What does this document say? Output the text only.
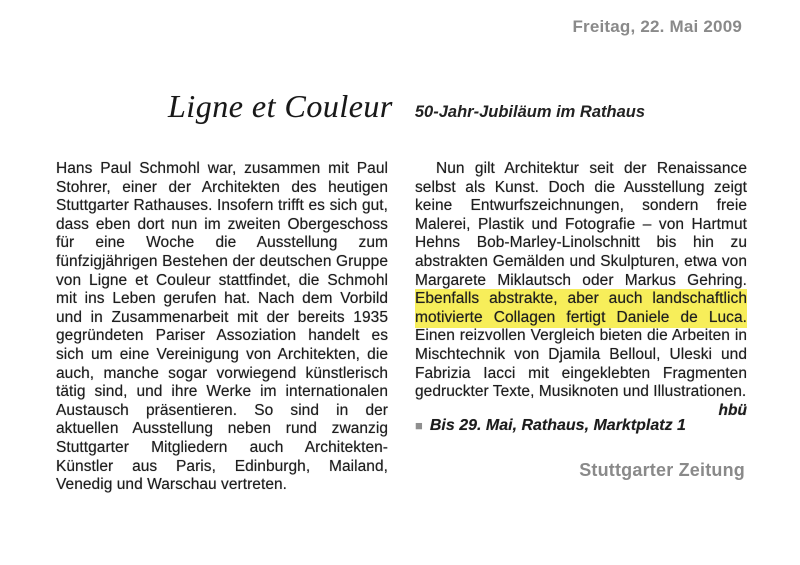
Freitag, 22. Mai 2009
Ligne et Couleur 50-Jahr-Jubiläum im Rathaus

Hans Paul Schmohl war, zusammen mit Paul Stohrer, einer der Architekten des heutigen Stuttgarter Rathauses. Insofern trifft es sich gut, dass eben dort nun im zweiten Obergeschoss für eine Woche die Ausstellung zum fünfzigjährigen Bestehen der deutschen Gruppe von Ligne et Couleur stattfindet, die Schmohl mit ins Leben gerufen hat. Nach dem Vorbild und in Zusammenarbeit mit der bereits 1935 gegründeten Pariser Assoziation handelt es sich um eine Vereinigung von Architekten, die auch, manche sogar vorwiegend künstlerisch tätig sind, und ihre Werke im internationalen Austausch präsentieren. So sind in der aktuellen Ausstellung neben rund zwanzig Stuttgarter Mitgliedern auch Architekten-Künstler aus Paris, Edinburgh, Mailand, Venedig und Warschau vertreten.

Nun gilt Architektur seit der Renaissance selbst als Kunst. Doch die Ausstellung zeigt keine Entwurfszeichnungen, sondern freie Malerei, Plastik und Fotografie – von Hartmut Hehns Bob-Marley-Linolschnitt bis hin zu abstrakten Gemälden und Skulpturen, etwa von Margarete Miklautsch oder Markus Gehring. Ebenfalls abstrakte, aber auch landschaftlich motivierte Collagen fertigt Daniele de Luca. Einen reizvollen Vergleich bieten die Arbeiten in Mischtechnik von Djamila Belloul, Uleski und Fabrizia Iacci mit eingeklebten Fragmenten gedruckter Texte, Musiknoten und Illustrationen.
hbü

■ Bis 29. Mai, Rathaus, Marktplatz 1
Stuttgarter Zeitung
